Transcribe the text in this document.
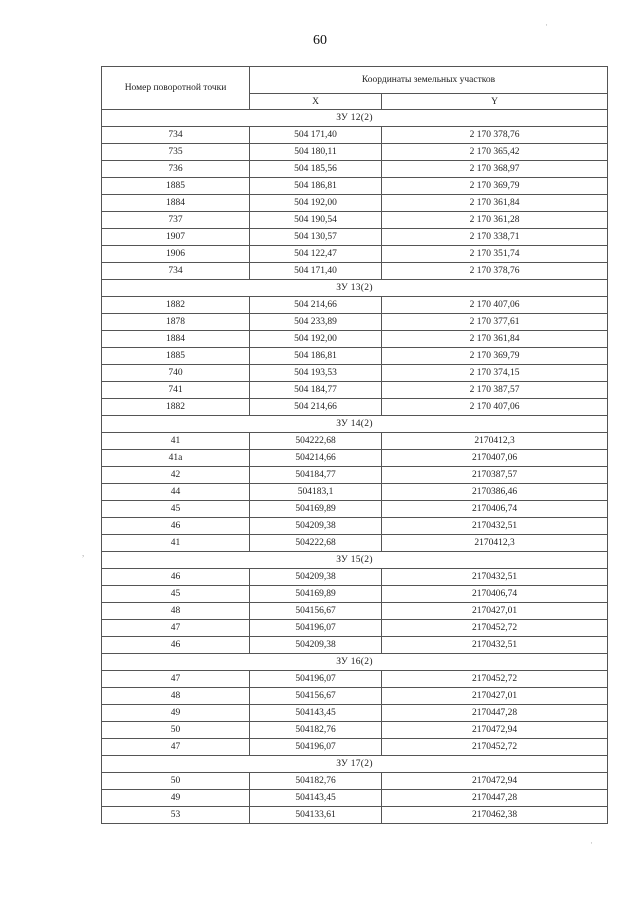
60
Номер поворотной точки	Координаты земельных участков	
	X	Y
ЗУ 12(2)		
734	504 171,40	2 170 378,76
735	504 180,11	2 170 365,42
736	504 185,56	2 170 368,97
1885	504 186,81	2 170 369,79
1884	504 192,00	2 170 361,84
737	504 190,54	2 170 361,28
1907	504 130,57	2 170 338,71
1906	504 122,47	2 170 351,74
734	504 171,40	2 170 378,76
ЗУ 13(2)		
1882	504 214,66	2 170 407,06
1878	504 233,89	2 170 377,61
1884	504 192,00	2 170 361,84
1885	504 186,81	2 170 369,79
740	504 193,53	2 170 374,15
741	504 184,77	2 170 387,57
1882	504 214,66	2 170 407,06
ЗУ 14(2)		
41	504222,68	2170412,3
41a	504214,66	2170407,06
42	504184,77	2170387,57
44	504183,1	2170386,46
45	504169,89	2170406,74
46	504209,38	2170432,51
41	504222,68	2170412,3
ЗУ 15(2)		
46	504209,38	2170432,51
45	504169,89	2170406,74
48	504156,67	2170427,01
47	504196,07	2170452,72
46	504209,38	2170432,51
ЗУ 16(2)		
47	504196,07	2170452,72
48	504156,67	2170427,01
49	504143,45	2170447,28
50	504182,76	2170472,94
47	504196,07	2170452,72
ЗУ 17(2)		
50	504182,76	2170472,94
49	504143,45	2170447,28
53	504133,61	2170462,38
·
,
·
